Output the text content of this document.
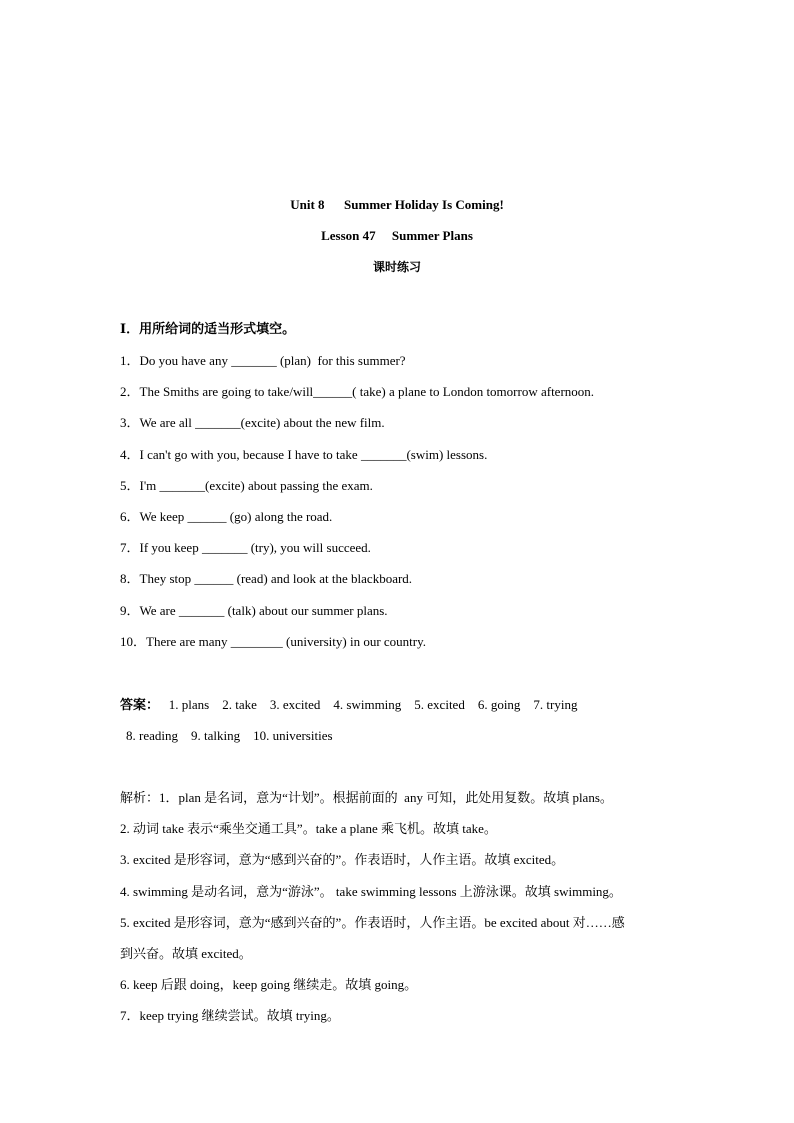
Unit 8      Summer Holiday Is Coming!

Lesson 47     Summer Plans

课时练习

Ⅰ．用所给词的适当形式填空。
1．Do you have any _______ (plan)  for this summer?
2．The Smiths are going to take/will______( take) a plane to London tomorrow afternoon.
3．We are all _______(excite) about the new film.
4．I can't go with you, because I have to take _______(swim) lessons.
5．I'm _______(excite) about passing the exam.
6．We keep ______ (go) along the road.
7．If you keep _______ (try), you will succeed.
8．They stop ______ (read) and look at the blackboard.
9．We are _______ (talk) about our summer plans.
10．There are many ________ (university) in our country.
答案：   1. plans    2. take    3. excited    4. swimming    5. excited    6. going    7. trying
8. reading    9. talking    10. universities
解析：1．plan 是名词，意为“计划”。根据前面的  any 可知，此处用复数。故填 plans。
2. 动词 take 表示“乘坐交通工具”。take a plane 乘飞机。故填 take。
3. excited 是形容词，意为“感到兴奋的”。作表语时，人作主语。故填 excited。
4. swimming 是动名词，意为“游泳”。 take swimming lessons 上游泳课。故填 swimming。
5. excited 是形容词，意为“感到兴奋的”。作表语时，人作主语。be excited about 对……感
到兴奋。故填 excited。
6. keep 后跟 doing，keep going 继续走。故填 going。
7．keep trying 继续尝试。故填 trying。
